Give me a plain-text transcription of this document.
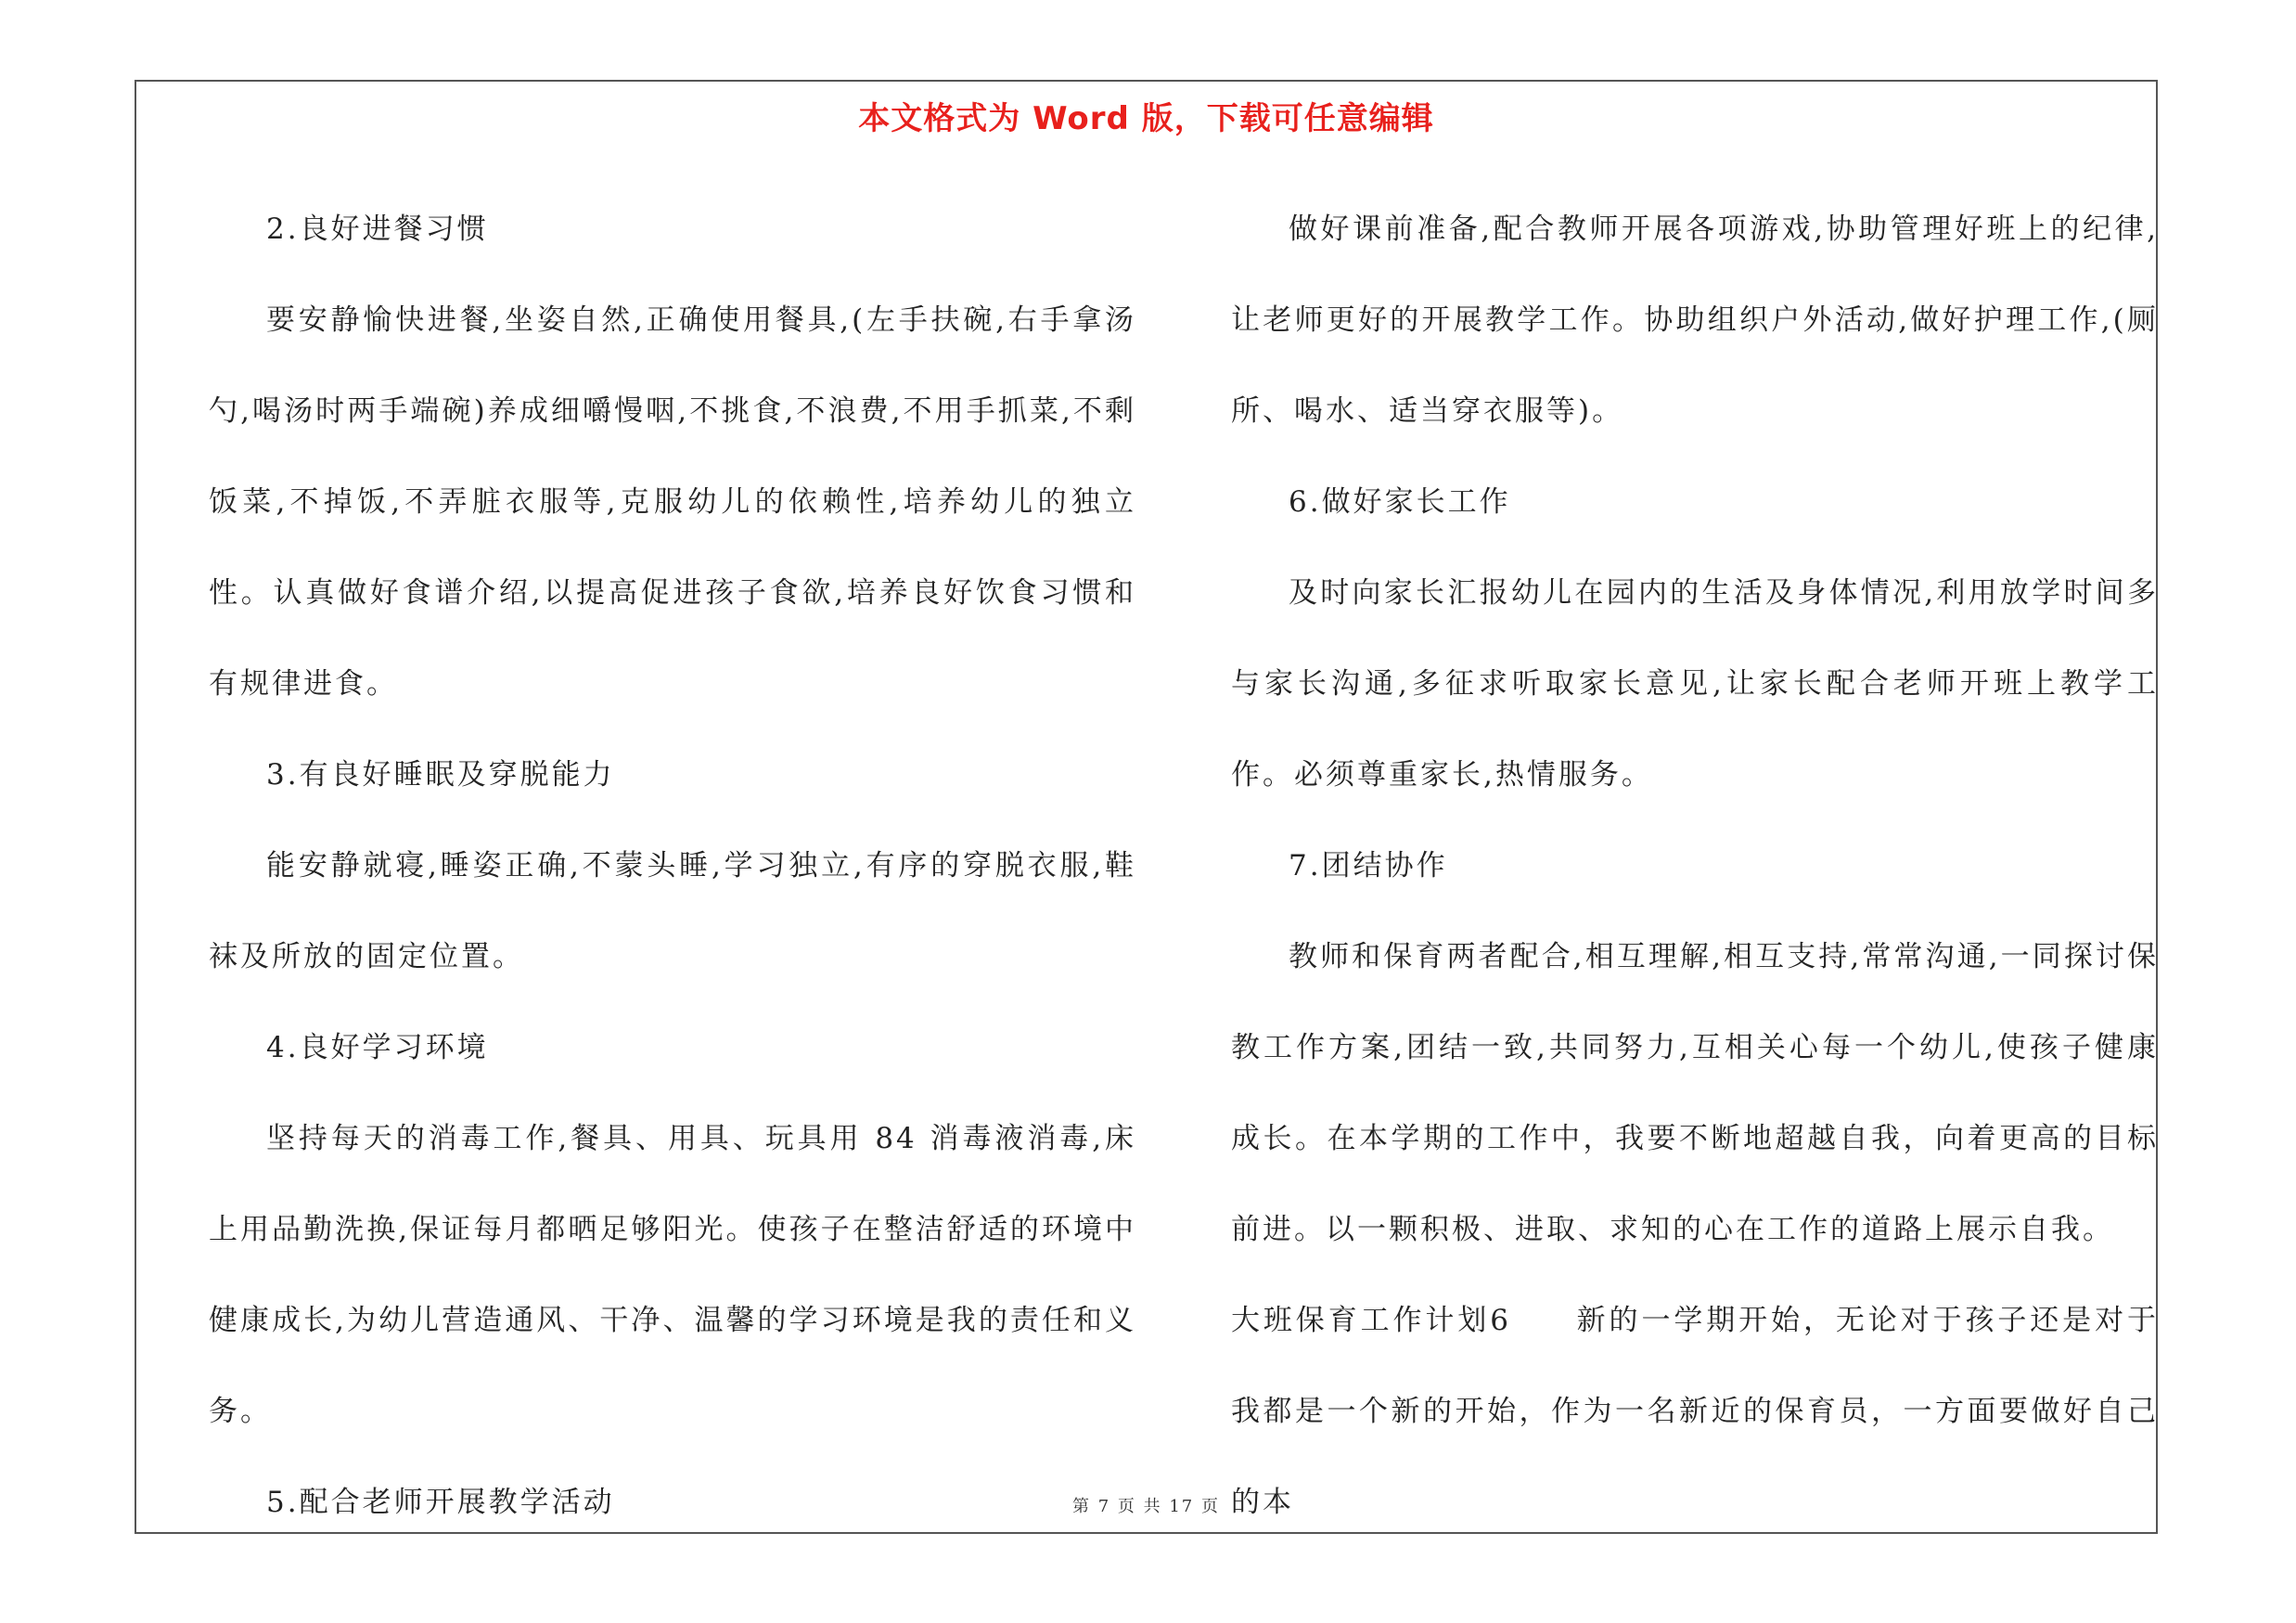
本文格式为 Word 版，下载可任意编辑

2.良好进餐习惯

要安静愉快进餐,坐姿自然,正确使用餐具,(左手扶碗,右手拿汤勺,喝汤时两手端碗)养成细嚼慢咽,不挑食,不浪费,不用手抓菜,不剩饭菜,不掉饭,不弄脏衣服等,克服幼儿的依赖性,培养幼儿的独立性。认真做好食谱介绍,以提高促进孩子食欲,培养良好饮食习惯和有规律进食。

3.有良好睡眠及穿脱能力

能安静就寝,睡姿正确,不蒙头睡,学习独立,有序的穿脱衣服,鞋袜及所放的固定位置。

4.良好学习环境

坚持每天的消毒工作,餐具、用具、玩具用 84 消毒液消毒,床上用品勤洗换,保证每月都晒足够阳光。使孩子在整洁舒适的环境中健康成长,为幼儿营造通风、干净、温馨的学习环境是我的责任和义务。

5.配合老师开展教学活动

做好课前准备,配合教师开展各项游戏,协助管理好班上的纪律,让老师更好的开展教学工作。协助组织户外活动,做好护理工作,(厕所、喝水、适当穿衣服等)。

6.做好家长工作

及时向家长汇报幼儿在园内的生活及身体情况,利用放学时间多与家长沟通,多征求听取家长意见,让家长配合老师开班上教学工作。必须尊重家长,热情服务。

7.团结协作

教师和保育两者配合,相互理解,相互支持,常常沟通,一同探讨保教工作方案,团结一致,共同努力,互相关心每一个幼儿,使孩子健康成长。在本学期的工作中，我要不断地超越自我，向着更高的目标前进。以一颗积极、进取、求知的心在工作的道路上展示自我。

大班保育工作计划6　　新的一学期开始，无论对于孩子还是对于我都是一个新的开始，作为一名新近的保育员，一方面要做好自己的本

第 7 页 共 17 页
